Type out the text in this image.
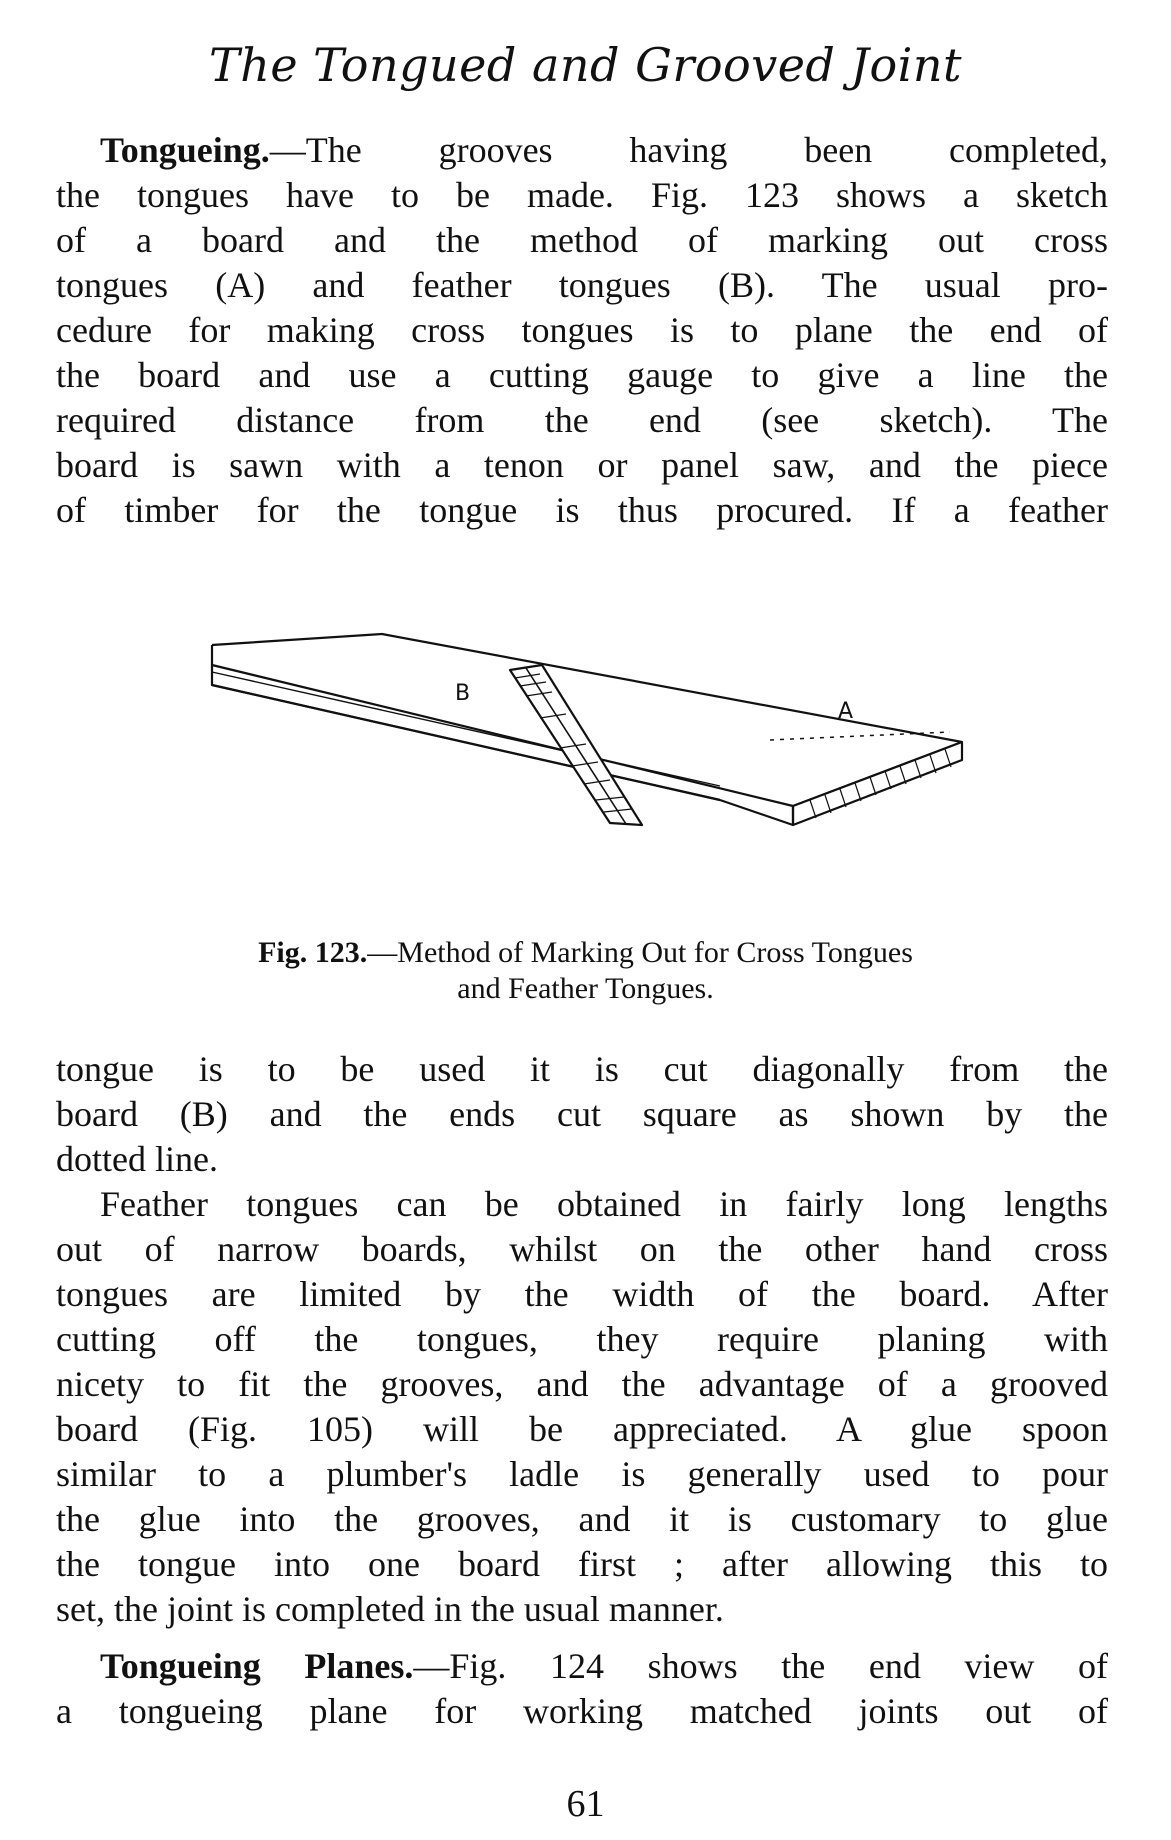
The Tongued and Grooved Joint
Tongueing.—The grooves having been completed,
the tongues have to be made. Fig. 123 shows a sketch
of a board and the method of marking out cross
tongues (A) and feather tongues (B). The usual pro-
cedure for making cross tongues is to plane the end of
the board and use a cutting gauge to give a line the
required distance from the end (see sketch). The
board is sawn with a tenon or panel saw, and the piece
of timber for the tongue is thus procured. If a feather
B
A
Fig. 123.—Method of Marking Out for Cross Tongues
and Feather Tongues.
tongue is to be used it is cut diagonally from the
board (B) and the ends cut square as shown by the
dotted line.
Feather tongues can be obtained in fairly long lengths
out of narrow boards, whilst on the other hand cross
tongues are limited by the width of the board. After
cutting off the tongues, they require planing with
nicety to fit the grooves, and the advantage of a grooved
board (Fig. 105) will be appreciated. A glue spoon
similar to a plumber's ladle is generally used to pour
the glue into the grooves, and it is customary to glue
the tongue into one board first ; after allowing this to
set, the joint is completed in the usual manner.
Tongueing Planes.—Fig. 124 shows the end view of
a tongueing plane for working matched joints out of
61
